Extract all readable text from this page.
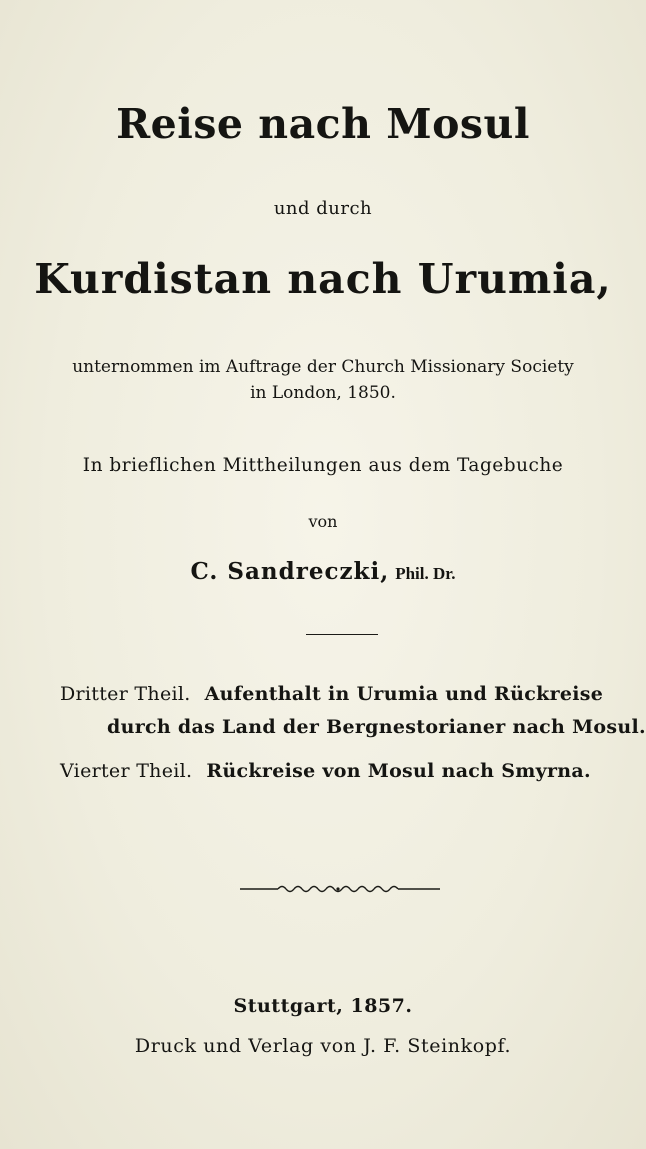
Reise nach Mosul
und durch
Kurdistan nach Urumia,
unternommen im Auftrage der Church Missionary Society
in London, 1850.
In brieflichen Mittheilungen aus dem Tagebuche
von
C. Sandreczki, Phil. Dr.
Dritter Theil. Aufenthalt in Urumia und Rückreise
durch das Land der Bergnestorianer nach Mosul.
Vierter Theil. Rückreise von Mosul nach Smyrna.
Stuttgart, 1857.
Druck und Verlag von J. F. Steinkopf.
